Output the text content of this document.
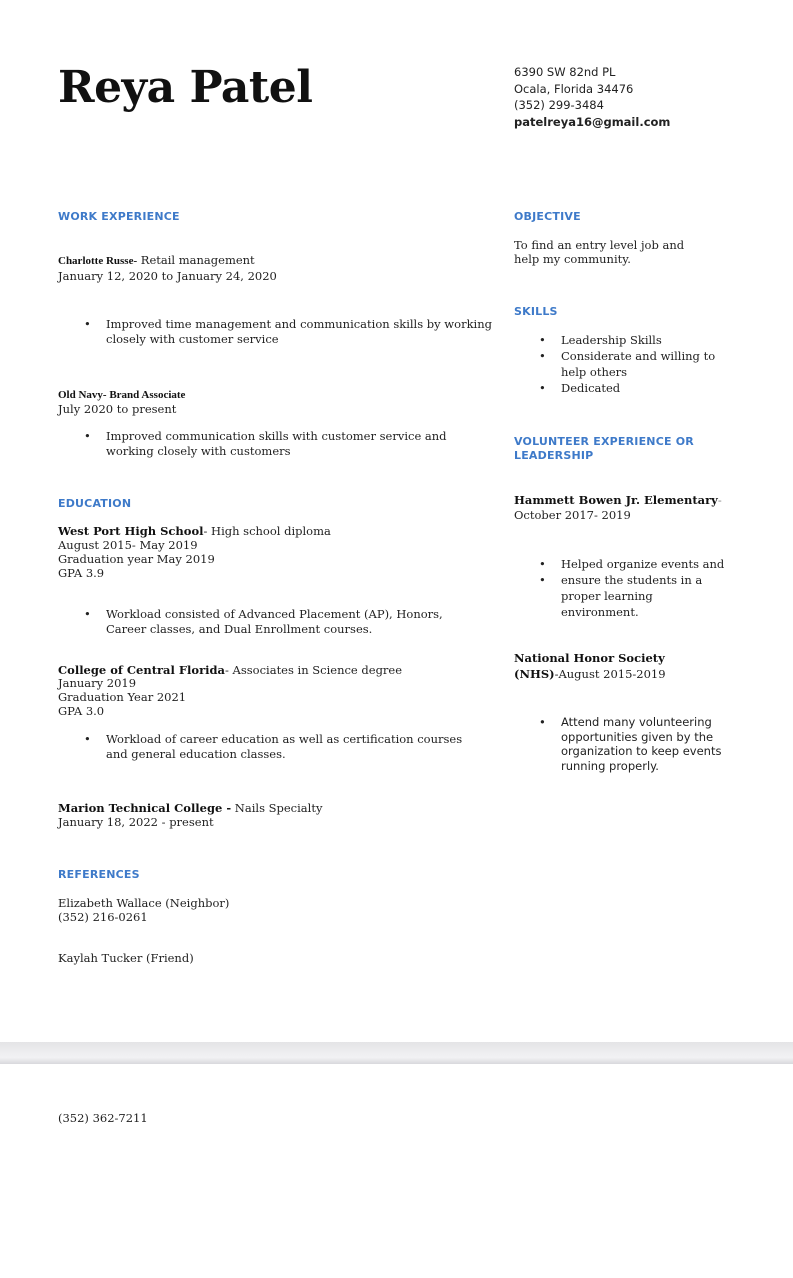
Reya Patel	6390 SW 82nd PL
Ocala, Florida 34476
(352) 299-3484
patelreya16@gmail.com
WORK EXPERIENCE
Charlotte Russe- Retail management
January 12, 2020 to January 24, 2020
• Improved time management and communication skills by working closely with customer service
Old Navy- Brand Associate
July 2020 to present
• Improved communication skills with customer service and working closely with customers
EDUCATION
West Port High School- High school diploma
August 2015- May 2019
Graduation year May 2019
GPA 3.9
• Workload consisted of Advanced Placement (AP), Honors, Career classes, and Dual Enrollment courses.
College of Central Florida- Associates in Science degree
January 2019
Graduation Year 2021
GPA 3.0
• Workload of career education as well as certification courses and general education classes.
Marion Technical College - Nails Specialty
January 18, 2022 - present
REFERENCES
Elizabeth Wallace (Neighbor)
(352) 216-0261
Kaylah Tucker (Friend)
OBJECTIVE
To find an entry level job and help my community.
SKILLS
• Leadership Skills
• Considerate and willing to help others
• Dedicated
VOLUNTEER EXPERIENCE OR
LEADERSHIP
Hammett Bowen Jr. Elementary-
October 2017- 2019
• Helped organize events and
• ensure the students in a proper learning environment.
National Honor Society
(NHS)-August 2015-2019
• Attend many volunteering opportunities given by the organization to keep events running properly.
(352) 362-7211
